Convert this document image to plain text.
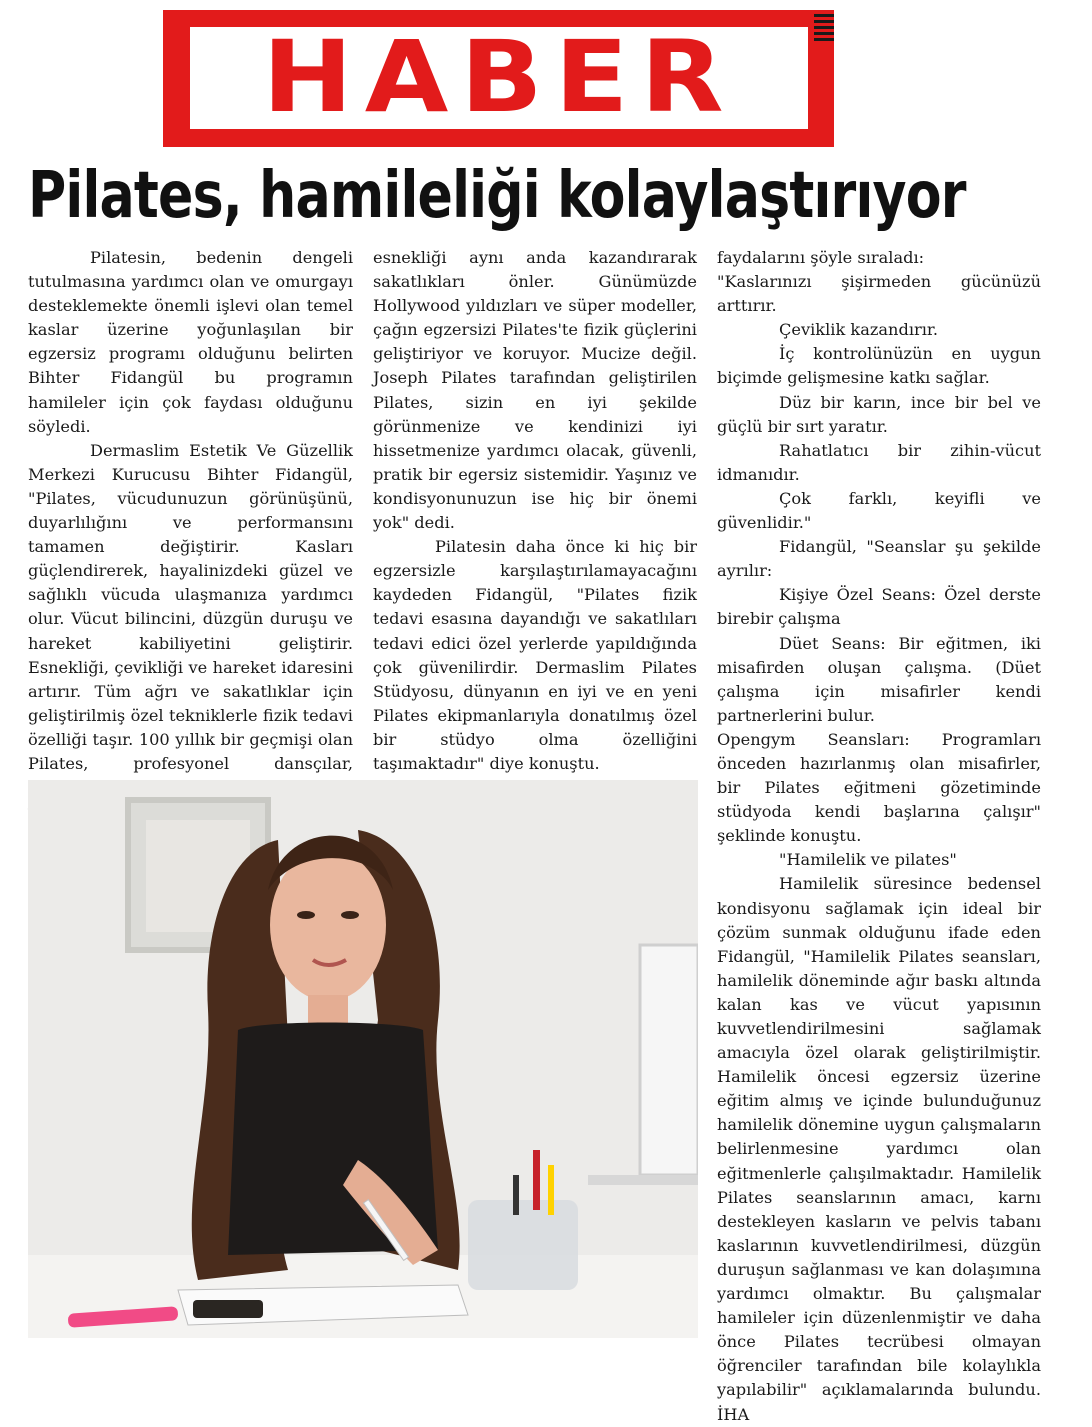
HABER
Pilates, hamileliği kolaylaştırıyor

Pilatesin, bedenin dengeli tutulmasına yardımcı olan ve omurgayı desteklemekte önemli işlevi olan temel kaslar üzerine yoğunlaşılan bir egzersiz programı olduğunu belirten Bihter Fidangül bu programın hamileler için çok faydası olduğunu söyledi.

Dermaslim Estetik Ve Güzellik Merkezi Kurucusu Bihter Fidangül, "Pilates, vücudunuzun görünüşünü, duyarlılığını ve performansını tamamen değiştirir. Kasları güçlendirerek, hayalinizdeki güzel ve sağlıklı vücuda ulaşmanıza yardımcı olur. Vücut bilincini, düzgün duruşu ve hareket kabiliyetini geliştirir. Esnekliği, çevikliği ve hareket idaresini artırır. Tüm ağrı ve sakatlıklar için geliştirilmiş özel tekniklerle fizik tedavi özelliği taşır. 100 yıllık bir geçmişi olan Pilates, profesyonel dansçılar,

esnekliği aynı anda kazandırarak sakatlıkları önler. Günümüzde Hollywood yıldızları ve süper modeller, çağın egzersizi Pilates'te fizik güçlerini geliştiriyor ve koruyor. Mucize değil. Joseph Pilates tarafından geliştirilen Pilates, sizin en iyi şekilde görünmenize ve kendinizi iyi hissetmenize yardımcı olacak, güvenli, pratik bir egersiz sistemidir. Yaşınız ve kondisyonunuzun ise hiç bir önemi yok" dedi.

Pilatesin daha önce ki hiç bir egzersizle karşılaştırılamayacağını kaydeden Fidangül, "Pilates fizik tedavi esasına dayandığı ve sakatlıları tedavi edici özel yerlerde yapıldığında çok güvenilirdir. Dermaslim Pilates Stüdyosu, dünyanın en iyi ve en yeni Pilates ekipmanlarıyla donatılmış özel bir stüdyo olma özelliğini taşımaktadır" diye konuştu.

faydalarını şöyle sıraladı:

"Kaslarınızı şişirmeden gücünüzü arttırır.

Çeviklik kazandırır.

İç kontrolünüzün en uygun biçimde gelişmesine katkı sağlar.

Düz bir karın, ince bir bel ve güçlü bir sırt yaratır.

Rahatlatıcı bir zihin-vücut idmanıdır.

Çok farklı, keyifli ve güvenlidir."

Fidangül, "Seanslar şu şekilde ayrılır:

Kişiye Özel Seans: Özel derste birebir çalışma

Düet Seans: Bir eğitmen, iki misafirden oluşan çalışma. (Düet çalışma için misafirler kendi partnerlerini bulur.

Opengym Seansları: Programları önceden hazırlanmış olan misafirler, bir Pilates eğitmeni gözetiminde stüdyoda kendi başlarına çalışır" şeklinde konuştu.

"Hamilelik ve pilates"

Hamilelik süresince bedensel kondisyonu sağlamak için ideal bir çözüm sunmak olduğunu ifade eden Fidangül, "Hamilelik Pilates seansları, hamilelik döneminde ağır baskı altında kalan kas ve vücut yapısının kuvvetlendirilmesini sağlamak amacıyla özel olarak geliştirilmiştir. Hamilelik öncesi egzersiz üzerine eğitim almış ve içinde bulunduğunuz hamilelik dönemine uygun çalışmaların belirlenmesine yardımcı olan eğitmenlerle çalışılmaktadır. Hamilelik Pilates seanslarının amacı, karnı destekleyen kasların ve pelvis tabanı kaslarının kuvvetlendirilmesi, düzgün duruşun sağlanması ve kan dolaşımına yardımcı olmaktır. Bu çalışmalar hamileler için düzenlenmiştir ve daha önce Pilates tecrübesi olmayan öğrenciler tarafından bile kolaylıkla yapılabilir" açıklamalarında bulundu. İHA
